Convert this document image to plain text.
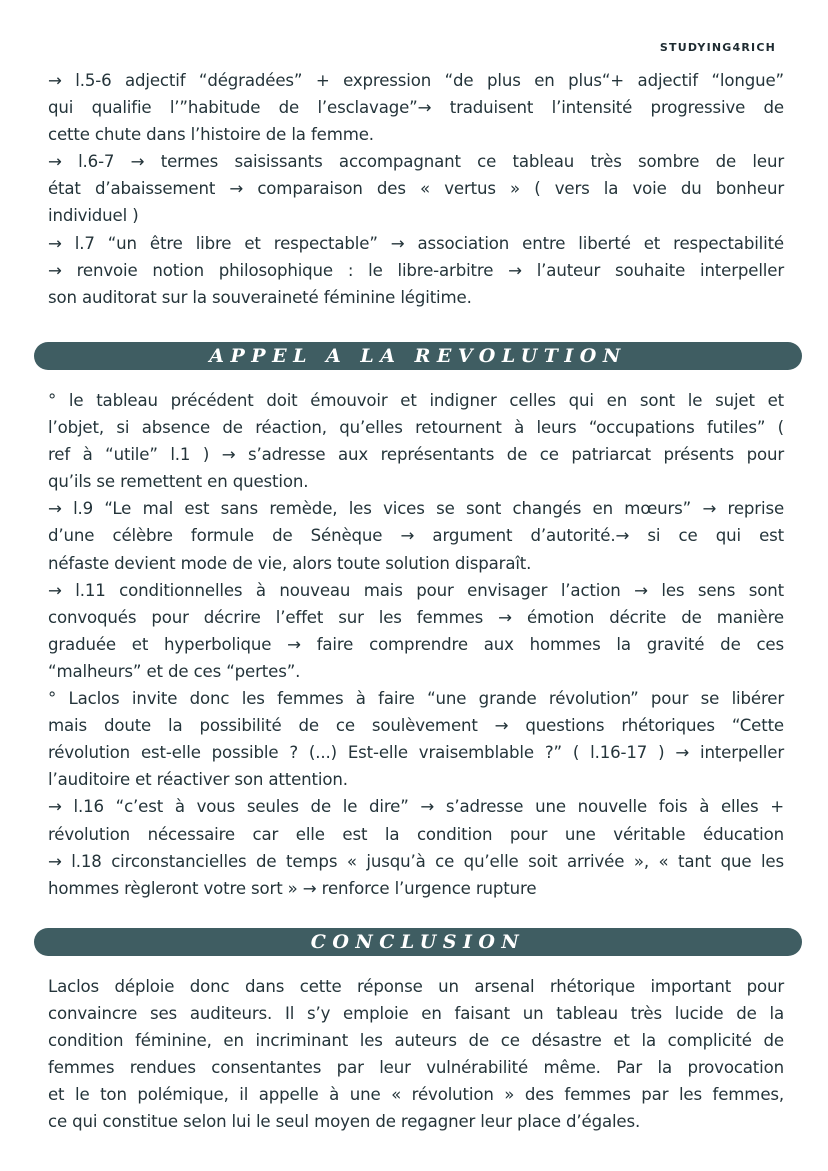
STUDYING4RICH
→ l.5-6 adjectif “dégradées” + expression “de plus en plus“+ adjectif “longue”
qui qualifie l’”habitude de l’esclavage”→ traduisent l’intensité progressive de
cette chute dans l’histoire de la femme.
→ l.6-7 → termes saisissants accompagnant ce tableau très sombre de leur
état d’abaissement → comparaison des « vertus » ( vers la voie du bonheur
individuel )
→ l.7 “un être libre et respectable” → association entre liberté et respectabilité
→ renvoie notion philosophique : le libre-arbitre → l’auteur souhaite interpeller
son auditorat sur la souveraineté féminine légitime.
APPEL A LA REVOLUTION
° le tableau précédent doit émouvoir et indigner celles qui en sont le sujet et
l’objet, si absence de réaction, qu’elles retournent à leurs “occupations futiles” (
ref à “utile” l.1 ) → s’adresse aux représentants de ce patriarcat présents pour
qu’ils se remettent en question.
→ l.9 “Le mal est sans remède, les vices se sont changés en mœurs” → reprise
d’une célèbre formule de Sénèque → argument d’autorité.→ si ce qui est
néfaste devient mode de vie, alors toute solution disparaît.
→ l.11 conditionnelles à nouveau mais pour envisager l’action → les sens sont
convoqués pour décrire l’effet sur les femmes → émotion décrite de manière
graduée et hyperbolique → faire comprendre aux hommes la gravité de ces
“malheurs” et de ces “pertes”.
° Laclos invite donc les femmes à faire “une grande révolution” pour se libérer
mais doute la possibilité de ce soulèvement → questions rhétoriques “Cette
révolution est-elle possible ? (...) Est-elle vraisemblable ?” ( l.16-17 ) → interpeller
l’auditoire et réactiver son attention.
→ l.16 “c’est à vous seules de le dire” → s’adresse une nouvelle fois à elles +
révolution nécessaire car elle est la condition pour une véritable éducation
→ l.18 circonstancielles de temps « jusqu’à ce qu’elle soit arrivée », « tant que les
hommes règleront votre sort » → renforce l’urgence rupture
CONCLUSION
Laclos déploie donc dans cette réponse un arsenal rhétorique important pour
convaincre ses auditeurs. Il s’y emploie en faisant un tableau très lucide de la
condition féminine, en incriminant les auteurs de ce désastre et la complicité de
femmes rendues consentantes par leur vulnérabilité même. Par la provocation
et le ton polémique, il appelle à une « révolution » des femmes par les femmes,
ce qui constitue selon lui le seul moyen de regagner leur place d’égales.
